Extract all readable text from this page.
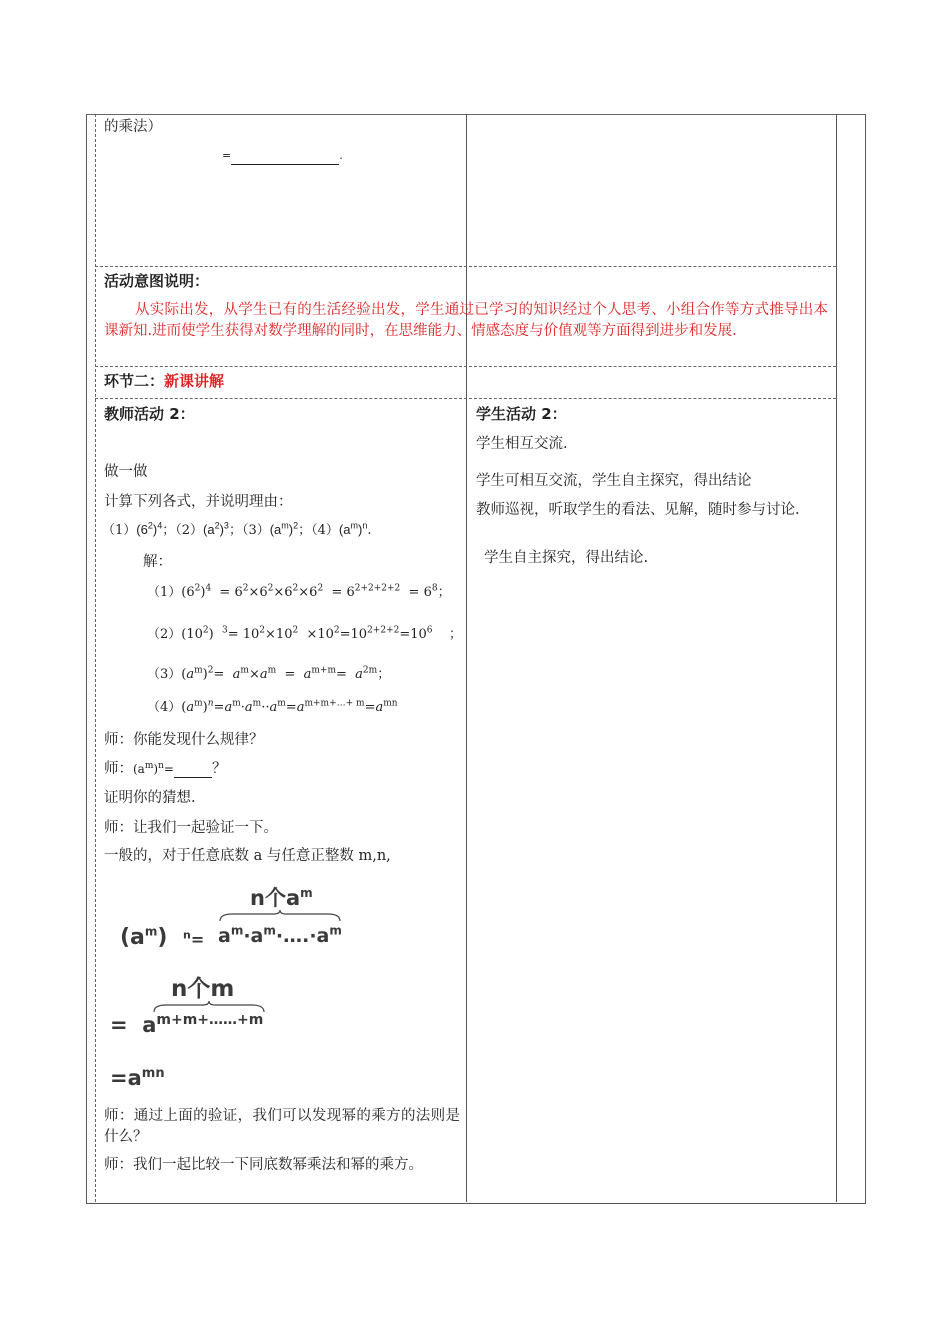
的乘法）
=	.
活动意图说明：
从实际出发，从学生已有的生活经验出发，学生通过已学习的知识经过个人思考、小组合作等方式推导出本课新知.进而使学生获得对数学理解的同时，在思维能力、情感态度与价值观等方面得到进步和发展.
环节二：新课讲解
教师活动 2：
做一做
计算下列各式，并说明理由：
$(1)(6^2)^4$；$(2)(a^2)^3$；$(3)(a^m)^2$；$(4)(a^m)^n$.
解：
$(1)(6^2)^4 = 6^2\times 6^2\times 6^2\times 6^2 = 6^{2+2+2+2} = 6^8$；
$(2)(10^2)$  $^3= 10^2\times 10^2 \times 10^2=10^{2+2+2}=10^6$    ；
$(3)(a^m)^2= a^m\times a^m = a^{m+m}= a^{2m}$；
$(4)(a^m)^n=a^m\cdot a^m\cdot\cdot a^m=a^{m+m+\dots+ m}=a^{mn}$
师：你能发现什么规律？
师：$(a^m)^n=$	？
证明你的猜想.
师：让我们一起验证一下。
一般的，对于任意底数 a 与任意正整数 m,n,
n个$a^m$
$(a^m)$ $^n= a^m\cdot a^m\cdot\dots.\cdot a^m$
n个m
=  $a^{m+m+\dots\dots+m}$
$=a^{mn}$
师：通过上面的验证，我们可以发现幂的乘方的法则是什么？
师：我们一起比较一下同底数幂乘法和幂的乘方。
学生活动 2：
学生相互交流.
学生可相互交流，学生自主探究，得出结论
教师巡视，听取学生的看法、见解，随时参与讨论.
学生自主探究，得出结论.
